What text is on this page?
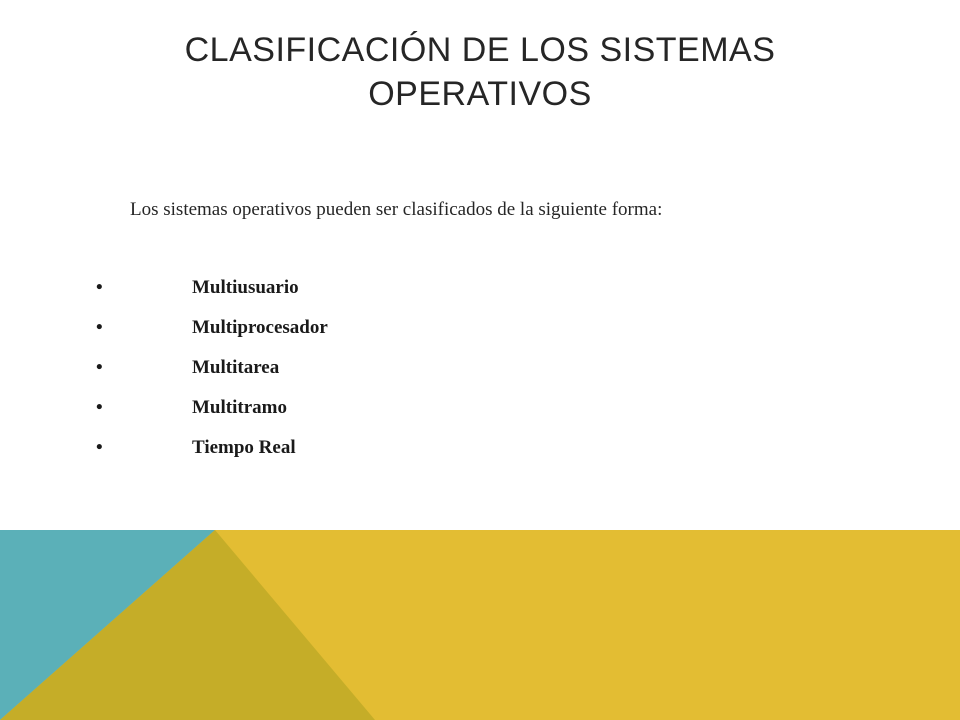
CLASIFICACIÓN DE LOS SISTEMAS
OPERATIVOS
Los sistemas operativos pueden ser clasificados de la siguiente forma:
•	Multiusuario
•	Multiprocesador
•	Multitarea
•	Multitramo
•	Tiempo Real
